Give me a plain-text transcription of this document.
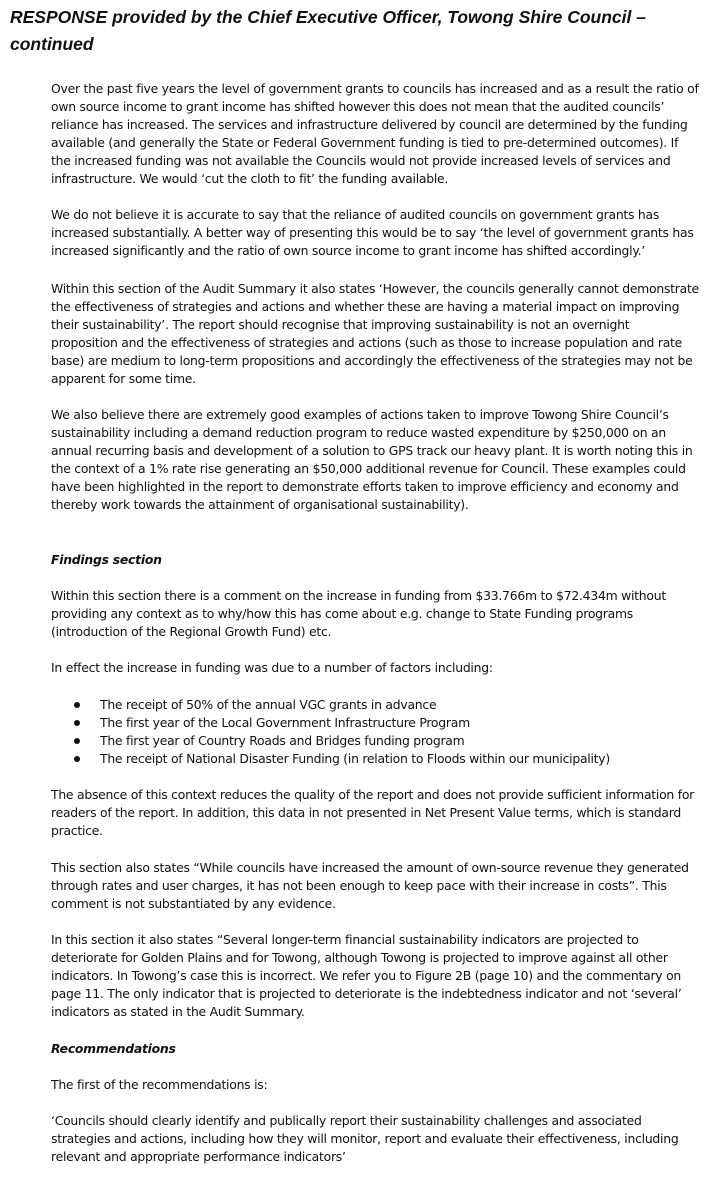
RESPONSE provided by the Chief Executive Officer, Towong Shire Council –
continued

Over the past five years the level of government grants to councils has increased and as a result the ratio of own source income to grant income has shifted however this does not mean that the audited councils’ reliance has increased. The services and infrastructure delivered by council are determined by the funding available (and generally the State or Federal Government funding is tied to pre-determined outcomes). If the increased funding was not available the Councils would not provide increased levels of services and infrastructure. We would ‘cut the cloth to fit’ the funding available.

We do not believe it is accurate to say that the reliance of audited councils on government grants has increased substantially. A better way of presenting this would be to say ‘the level of government grants has increased significantly and the ratio of own source income to grant income has shifted accordingly.’

Within this section of the Audit Summary it also states ‘However, the councils generally cannot demonstrate the effectiveness of strategies and actions and whether these are having a material impact on improving their sustainability’. The report should recognise that improving sustainability is not an overnight proposition and the effectiveness of strategies and actions (such as those to increase population and rate base) are medium to long-term propositions and accordingly the effectiveness of the strategies may not be apparent for some time.

We also believe there are extremely good examples of actions taken to improve Towong Shire Council’s sustainability including a demand reduction program to reduce wasted expenditure by $250,000 on an annual recurring basis and development of a solution to GPS track our heavy plant. It is worth noting this in the context of a 1% rate rise generating an $50,000 additional revenue for Council. These examples could have been highlighted in the report to demonstrate efforts taken to improve efficiency and economy and thereby work towards the attainment of organisational sustainability).

Findings section

Within this section there is a comment on the increase in funding from $33.766m to $72.434m without providing any context as to why/how this has come about e.g. change to State Funding programs (introduction of the Regional Growth Fund) etc.

In effect the increase in funding was due to a number of factors including:

The receipt of 50% of the annual VGC grants in advance
The first year of the Local Government Infrastructure Program
The first year of Country Roads and Bridges funding program
The receipt of National Disaster Funding (in relation to Floods within our municipality)

The absence of this context reduces the quality of the report and does not provide sufficient information for readers of the report. In addition, this data in not presented in Net Present Value terms, which is standard practice.

This section also states “While councils have increased the amount of own-source revenue they generated through rates and user charges, it has not been enough to keep pace with their increase in costs”. This comment is not substantiated by any evidence.

In this section it also states “Several longer-term financial sustainability indicators are projected to deteriorate for Golden Plains and for Towong, although Towong is projected to improve against all other indicators. In Towong’s case this is incorrect. We refer you to Figure 2B (page 10) and the commentary on page 11. The only indicator that is projected to deteriorate is the indebtedness indicator and not ‘several’ indicators as stated in the Audit Summary.

Recommendations

The first of the recommendations is:

‘Councils should clearly identify and publically report their sustainability challenges and associated strategies and actions, including how they will monitor, report and evaluate their effectiveness, including relevant and appropriate performance indicators’
